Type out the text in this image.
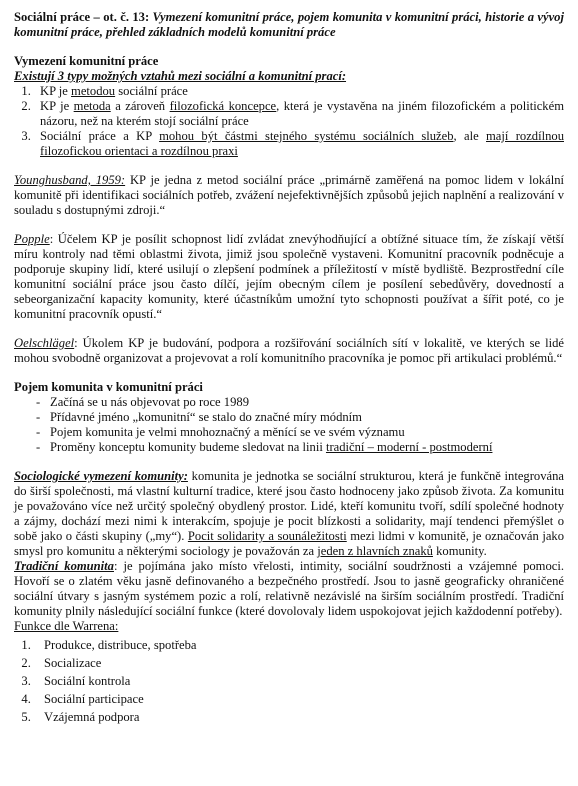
Sociální práce – ot. č. 13: Vymezení komunitní práce, pojem komunita v komunitní práci, historie a vývoj komunitní práce, přehled základních modelů komunitní práce

Vymezení komunitní práce

Existují 3 typy možných vztahů mezi sociální a komunitní prací:

1. KP je metodou sociální práce
2. KP je metoda a zároveň filozofická koncepce, která je vystavěna na jiném filozofickém a politickém názoru, než na kterém stojí sociální práce
3. Sociální práce a KP mohou být částmi stejného systému sociálních služeb, ale mají rozdílnou filozofickou orientaci a rozdílnou praxi

Younghusband, 1959: KP je jedna z metod sociální práce „primárně zaměřená na pomoc lidem v lokální komunitě při identifikaci sociálních potřeb, zvážení nejefektivnějších způsobů jejich naplnění a realizování v souladu s dostupnými zdroji.“

Popple: Účelem KP je posílit schopnost lidí zvládat znevýhodňující a obtížné situace tím, že získají větší míru kontroly nad těmi oblastmi života, jimiž jsou společně vystaveni. Komunitní pracovník podněcuje a podporuje skupiny lidí, které usilují o zlepšení podmínek a příležitostí v místě bydliště. Bezprostřední cíle komunitní sociální práce jsou často dílčí, jejím obecným cílem je posílení sebedůvěry, dovedností a sebeorganizační kapacity komunity, které účastníkům umožní tyto schopnosti používat a šířit poté, co je komunitní pracovník opustí.“

Oelschlägel: Úkolem KP je budování, podpora a rozšiřování sociálních sítí v lokalitě, ve kterých se lidé mohou svobodně organizovat a projevovat a rolí komunitního pracovníka je pomoc při artikulaci problémů.“

Pojem komunita v komunitní práci

- Začíná se u nás objevovat po roce 1989
- Přídavné jméno „komunitní“ se stalo do značné míry módním
- Pojem komunita je velmi mnohoznačný a měnící se ve svém významu
- Proměny konceptu komunity budeme sledovat na linii tradiční – moderní - postmoderní

Sociologické vymezení komunity: komunita je jednotka se sociální strukturou, která je funkčně integrována do širší společnosti, má vlastní kulturní tradice, které jsou často hodnoceny jako způsob života. Za komunitu je považováno více než určitý společný obydlený prostor. Lidé, kteří komunitu tvoří, sdílí společné hodnoty a zájmy, dochází mezi nimi k interakcím, spojuje je pocit blízkosti a solidarity, mají tendenci přemýšlet o sobě jako o části skupiny („my“). Pocit solidarity a sounáležitosti mezi lidmi v komunitě, je označován jako smysl pro komunitu a některými sociology je považován za jeden z hlavních znaků komunity.

Tradiční komunita: je pojímána jako místo vřelosti, intimity, sociální soudržnosti a vzájemné pomoci. Hovoří se o zlatém věku jasně definovaného a bezpečného prostředí. Jsou to jasně geograficky ohraničené sociální útvary s jasným systémem pozic a rolí, relativně nezávislé na širším sociálním prostředí. Tradiční komunity plnily následující sociální funkce (které dovolovaly lidem uspokojovat jejich každodenní potřeby).

Funkce dle Warrena:

1. Produkce, distribuce, spotřeba
2. Socializace
3. Sociální kontrola
4. Sociální participace
5. Vzájemná podpora
